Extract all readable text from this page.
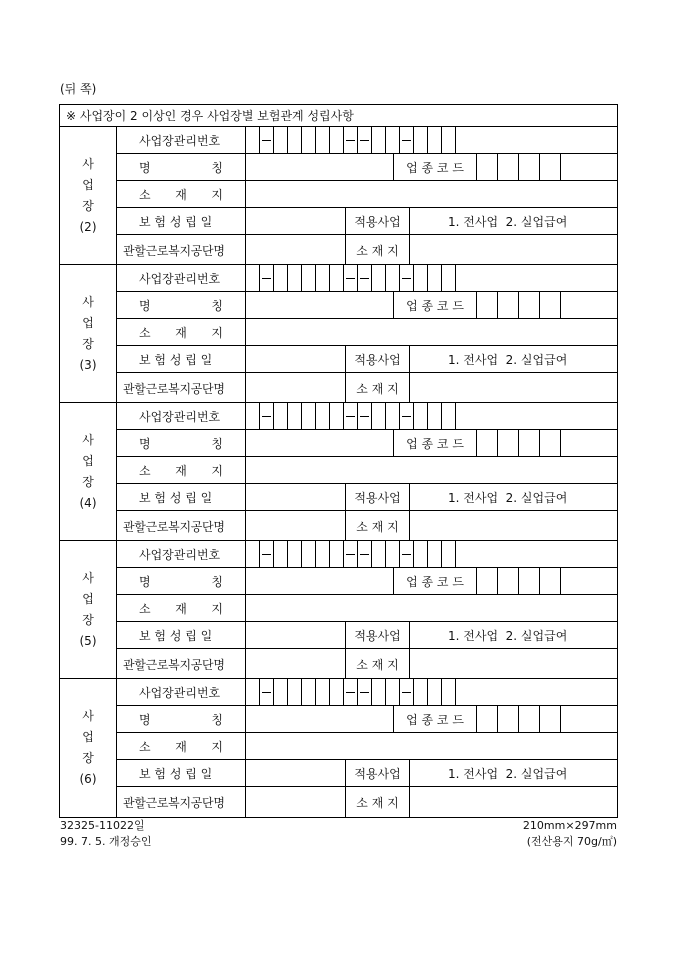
(뒤 쪽)
※ 사업장이 2 이상인 경우 사업장별 보험관계 성립사항
사
업
장
(2)
사업장관리번호
명	칭	업 종 코 드
소 재 지
보 험 성 립 일	적용사업	1. 전사업  2. 실업급여
관할근로복지공단명	소 재 지
사
업
장
(3)
사업장관리번호
명	칭	업 종 코 드
소 재 지
보 험 성 립 일	적용사업	1. 전사업  2. 실업급여
관할근로복지공단명	소 재 지
사
업
장
(4)
사업장관리번호
명	칭	업 종 코 드
소 재 지
보 험 성 립 일	적용사업	1. 전사업  2. 실업급여
관할근로복지공단명	소 재 지
사
업
장
(5)
사업장관리번호
명	칭	업 종 코 드
소 재 지
보 험 성 립 일	적용사업	1. 전사업  2. 실업급여
관할근로복지공단명	소 재 지
사
업
장
(6)
사업장관리번호
명	칭	업 종 코 드
소 재 지
보 험 성 립 일	적용사업	1. 전사업  2. 실업급여
관할근로복지공단명	소 재 지
32325-11022일
99. 7. 5. 개정승인
210mm×297mm
(전산용지 70g/㎡)
